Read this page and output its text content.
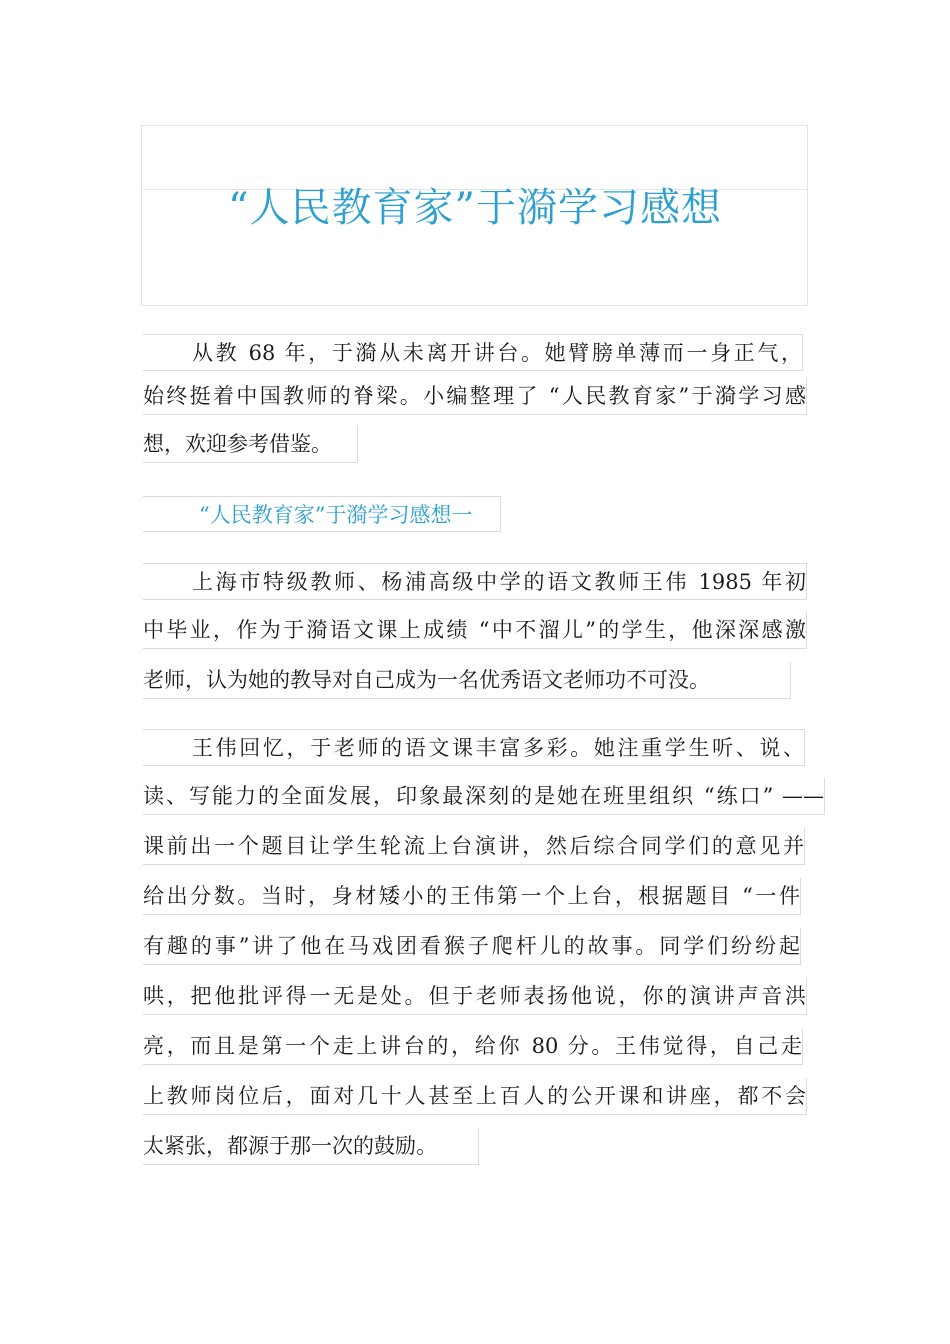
“人民教育家”于漪学习感想
从教 68 年，于漪从未离开讲台。她臂膀单薄而一身正气，
始终挺着中国教师的脊梁。小编整理了 “人民教育家”于漪学习感
想，欢迎参考借鉴。
“人民教育家”于漪学习感想一
上海市特级教师、杨浦高级中学的语文教师王伟 1985 年初
中毕业，作为于漪语文课上成绩 “中不溜儿”的学生，他深深感激
老师，认为她的教导对自己成为一名优秀语文老师功不可没。
王伟回忆，于老师的语文课丰富多彩。她注重学生听、说、
读、写能力的全面发展，印象最深刻的是她在班里组织 “练口” ——
课前出一个题目让学生轮流上台演讲，然后综合同学们的意见并
给出分数。当时，身材矮小的王伟第一个上台，根据题目 “一件
有趣的事”讲了他在马戏团看猴子爬杆儿的故事。同学们纷纷起
哄，把他批评得一无是处。但于老师表扬他说，你的演讲声音洪
亮，而且是第一个走上讲台的，给你 80 分。王伟觉得，自己走
上教师岗位后，面对几十人甚至上百人的公开课和讲座，都不会
太紧张，都源于那一次的鼓励。
